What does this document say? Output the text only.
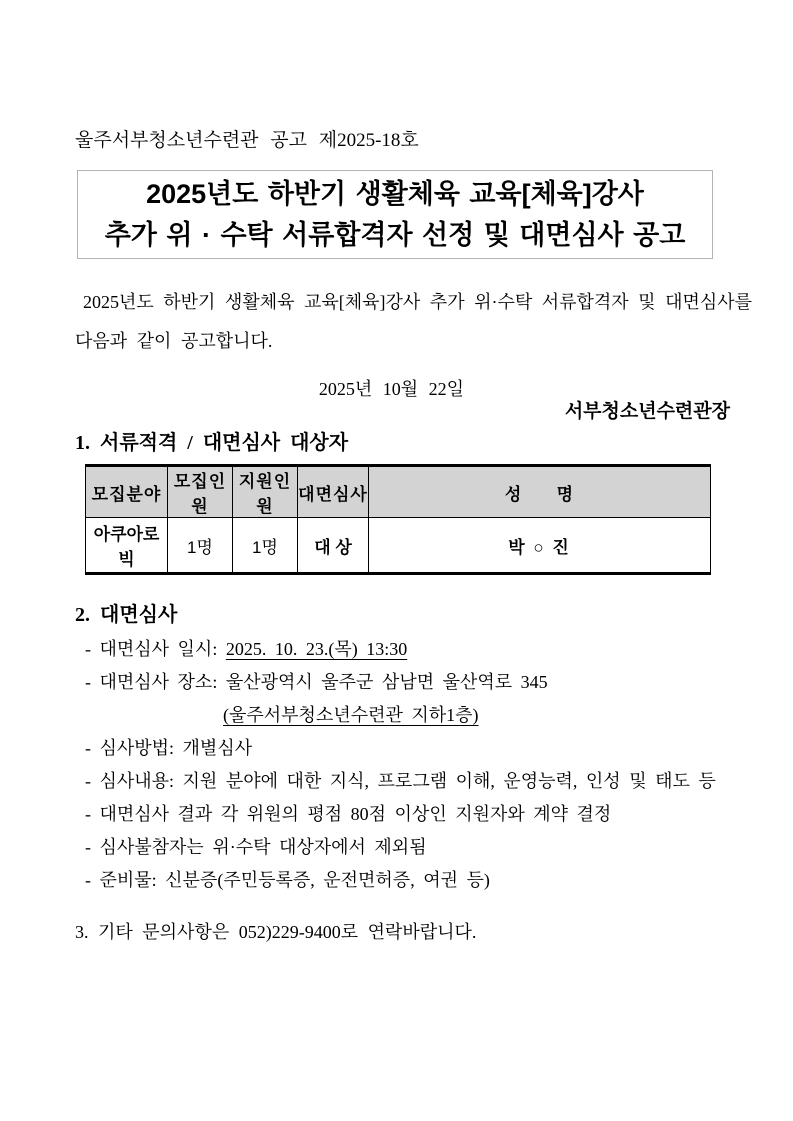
울주서부청소년수련관 공고 제2025-18호
2025년도 하반기 생활체육 교육[체육]강사
추가 위 · 수탁 서류합격자 선정 및 대면심사 공고
2025년도 하반기 생활체육 교육[체육]강사 추가 위·수탁 서류합격자 및 대면심사를
다음과 같이 공고합니다.
2025년 10월 22일
서부청소년수련관장
1. 서류적격 / 대면심사 대상자
모집분야	모집인원	지원인원	대면심사	성      명
아쿠아로빅	1명	1명	대 상	박 ○ 진
2. 대면심사
- 대면심사 일시: 2025. 10. 23.(목) 13:30
- 대면심사 장소: 울산광역시 울주군 삼남면 울산역로 345
(울주서부청소년수련관 지하1층)
- 심사방법: 개별심사
- 심사내용: 지원 분야에 대한 지식, 프로그램 이해, 운영능력, 인성 및 태도 등
- 대면심사 결과 각 위원의 평점 80점 이상인 지원자와 계약 결정
- 심사불참자는 위·수탁 대상자에서 제외됨
- 준비물: 신분증(주민등록증, 운전면허증, 여권 등)
3. 기타 문의사항은 052)229-9400로 연락바랍니다.
